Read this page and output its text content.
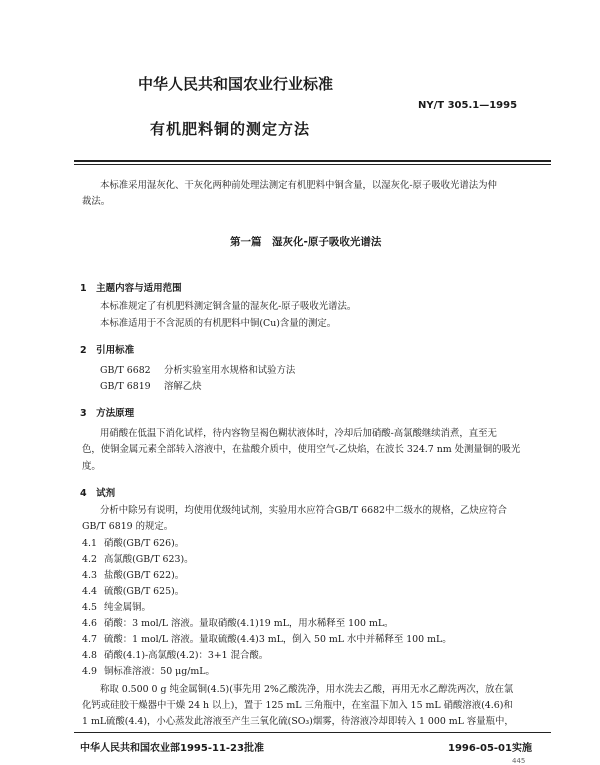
中华人民共和国农业行业标准
NY/T 305.1—1995
有机肥料铜的测定方法
本标准采用湿灰化、干灰化两种前处理法测定有机肥料中铜含量，以湿灰化-原子吸收光谱法为仲
裁法。
第一篇　湿灰化-原子吸收光谱法
1　主题内容与适用范围
本标准规定了有机肥料测定铜含量的湿灰化-原子吸收光谱法。
本标准适用于不含泥质的有机肥料中铜(Cu)含量的测定。
2　引用标准
GB/T 6682 分析实验室用水规格和试验方法
GB/T 6819 溶解乙炔
3　方法原理
用硝酸在低温下消化试样，待内容物呈褐色糊状液体时，冷却后加硝酸-高氯酸继续消煮，直至无
色，使铜金属元素全部转入溶液中，在盐酸介质中，使用空气-乙炔焰，在波长 324.7 nm 处测量铜的吸光
度。
4　试剂
分析中除另有说明，均使用优级纯试剂，实验用水应符合GB/T 6682中二级水的规格，乙炔应符合
GB/T 6819 的规定。
4.1 硝酸(GB/T 626)。
4.2 高氯酸(GB/T 623)。
4.3 盐酸(GB/T 622)。
4.4 硫酸(GB/T 625)。
4.5 纯金属铜。
4.6 硝酸：3 mol/L 溶液。量取硝酸(4.1)19 mL，用水稀释至 100 mL。
4.7 硫酸：1 mol/L 溶液。量取硫酸(4.4)3 mL，倒入 50 mL 水中并稀释至 100 mL。
4.8 硝酸(4.1)-高氯酸(4.2)：3+1 混合酸。
4.9 铜标准溶液：50 μg/mL。
称取 0.500 0 g 纯金属铜(4.5)(事先用 2%乙酸洗净，用水洗去乙酸，再用无水乙醇洗两次，放在氯
化钙或硅胶干燥器中干燥 24 h 以上)，置于 125 mL 三角瓶中，在室温下加入 15 mL 硝酸溶液(4.6)和
1 mL硫酸(4.4)，小心蒸发此溶液至产生三氧化硫(SO₃)烟雾，待溶液冷却即转入 1 000 mL 容量瓶中，
中华人民共和国农业部1995-11-23批准	1996-05-01实施
445
